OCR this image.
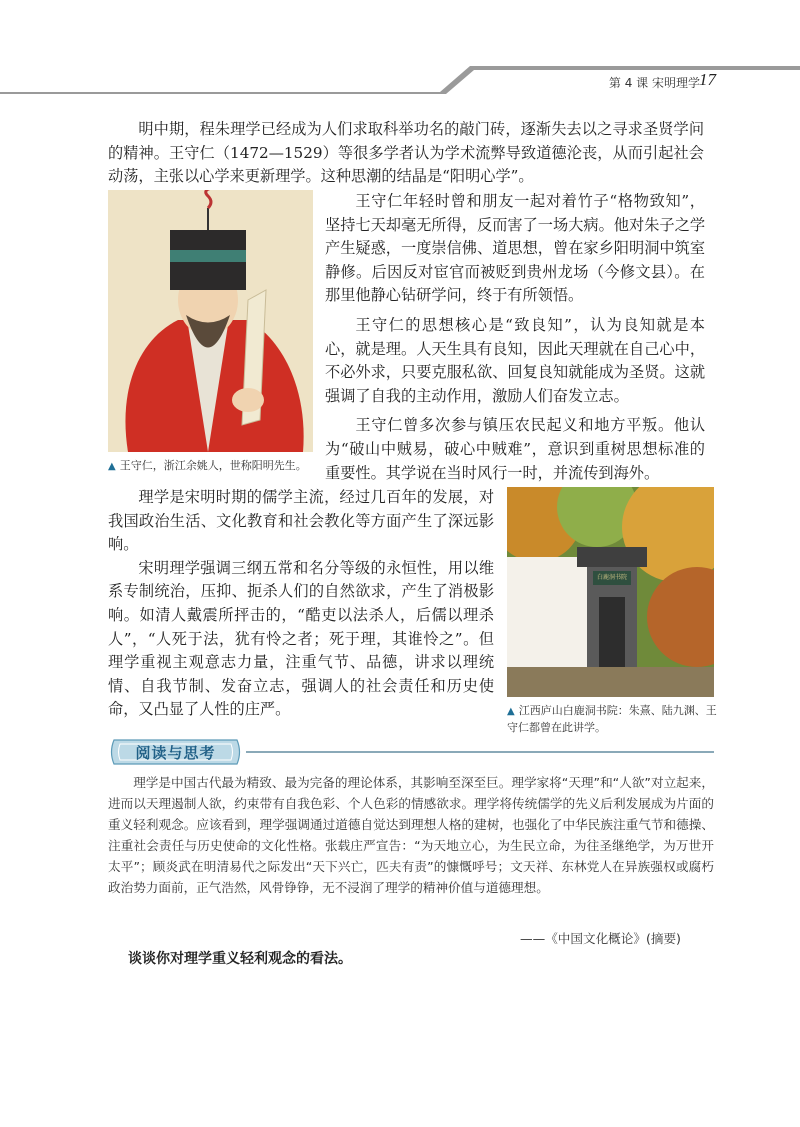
第 4 课 宋明理学 17

明中期，程朱理学已经成为人们求取科举功名的敲门砖，逐渐失去以之寻求圣贤学问的精神。王守仁（1472—1529）等很多学者认为学术流弊导致道德沦丧，从而引起社会动荡，主张以心学来更新理学。这种思潮的结晶是“阳明心学”。

▲ 王守仁，浙江余姚人，世称阳明先生。

王守仁年轻时曾和朋友一起对着竹子“格物致知”，坚持七天却毫无所得，反而害了一场大病。他对朱子之学产生疑惑，一度崇信佛、道思想，曾在家乡阳明洞中筑室静修。后因反对宦官而被贬到贵州龙场（今修文县）。在那里他静心钻研学问，终于有所领悟。

王守仁的思想核心是“致良知”，认为良知就是本心，就是理。人天生具有良知，因此天理就在自己心中，不必外求，只要克服私欲、回复良知就能成为圣贤。这就强调了自我的主动作用，激励人们奋发立志。

王守仁曾多次参与镇压农民起义和地方平叛。他认为“破山中贼易，破心中贼难”，意识到重树思想标准的重要性。其学说在当时风行一时，并流传到海外。

理学是宋明时期的儒学主流，经过几百年的发展，对我国政治生活、文化教育和社会教化等方面产生了深远影响。

宋明理学强调三纲五常和名分等级的永恒性，用以维系专制统治，压抑、扼杀人们的自然欲求，产生了消极影响。如清人戴震所抨击的，“酷吏以法杀人，后儒以理杀人”，“人死于法，犹有怜之者；死于理，其谁怜之”。但理学重视主观意志力量，注重气节、品德，讲求以理统情、自我节制、发奋立志，强调人的社会责任和历史使命，又凸显了人性的庄严。

白鹿洞书院
▲ 江西庐山白鹿洞书院：朱熹、陆九渊、王守仁都曾在此讲学。
阅读与思考

理学是中国古代最为精致、最为完备的理论体系，其影响至深至巨。理学家将“天理”和“人欲”对立起来，进而以天理遏制人欲，约束带有自我色彩、个人色彩的情感欲求。理学将传统儒学的先义后利发展成为片面的重义轻利观念。应该看到，理学强调通过道德自觉达到理想人格的建树，也强化了中华民族注重气节和德操、注重社会责任与历史使命的文化性格。张载庄严宣告：“为天地立心，为生民立命，为往圣继绝学，为万世开太平”；顾炎武在明清易代之际发出“天下兴亡，匹夫有责”的慷慨呼号；文天祥、东林党人在异族强权或腐朽政治势力面前，正气浩然，风骨铮铮，无不浸润了理学的精神价值与道德理想。

——《中国文化概论》(摘要)
谈谈你对理学重义轻利观念的看法。
